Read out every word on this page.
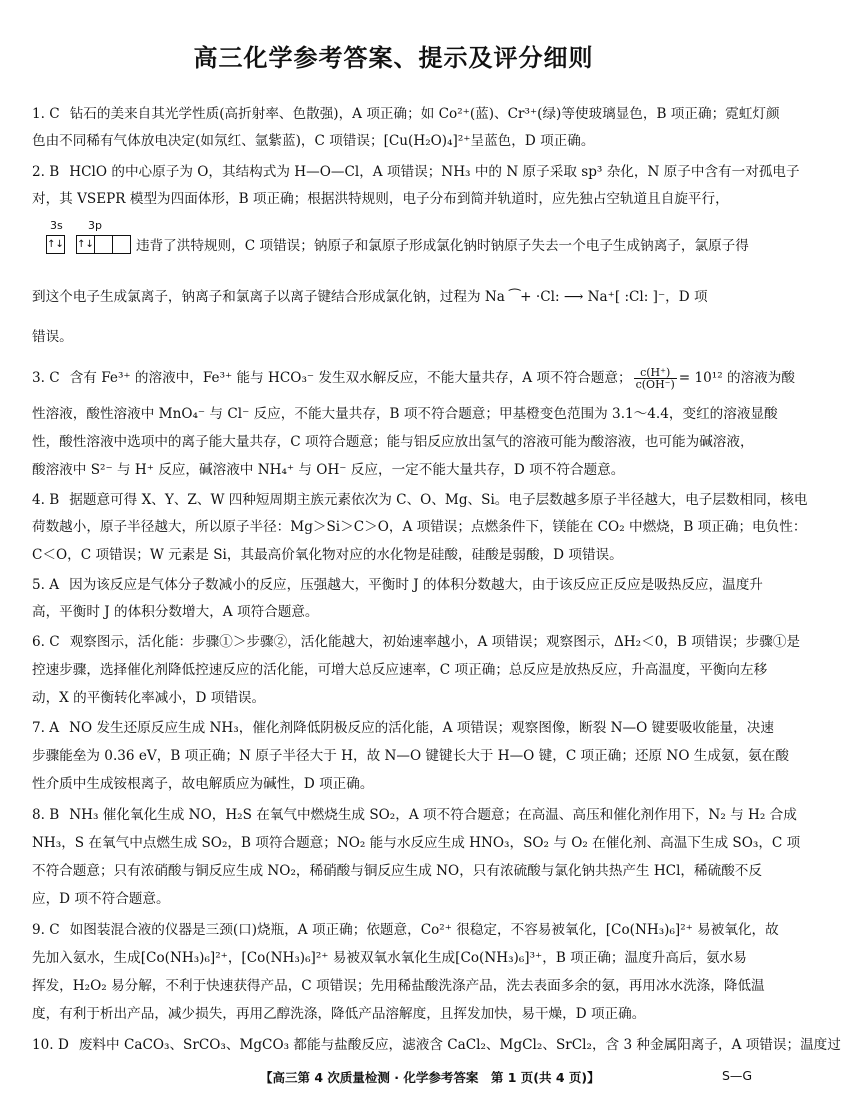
高三化学参考答案、提示及评分细则
1. C 钻石的美来自其光学性质(高折射率、色散强)，A 项正确；如 Co²⁺(蓝)、Cr³⁺(绿)等使玻璃显色，B 项正确；霓虹灯颜
色由不同稀有气体放电决定(如氖红、氩紫蓝)，C 项错误；[Cu(H₂O)₄]²⁺呈蓝色，D 项正确。
2. B HClO 的中心原子为 O，其结构式为 H—O—Cl，A 项错误；NH₃ 中的 N 原子采取 sp³ 杂化，N 原子中含有一对孤电子
对，其 VSEPR 模型为四面体形，B 项正确；根据洪特规则，电子分布到简并轨道时，应先独占空轨道且自旋平行，
3s 3p
↑↓ ↑↓	违背了洪特规则，C 项错误；钠原子和氯原子形成氯化钠时钠原子失去一个电子生成钠离子，氯原子得
到这个电子生成氯离子，钠离子和氯离子以离子键结合形成氯化钠，过程为 Na ⁀+ ·Cl: ⟶ Na⁺[ :Cl: ]⁻，D 项
错误。
3. C 含有 Fe³⁺ 的溶液中，Fe³⁺ 能与 HCO₃⁻ 发生双水解反应，不能大量共存，A 项不符合题意； $\frac{c(H^+)}{c(OH^-)} = 10^{12}$ 的溶液为酸
性溶液，酸性溶液中 MnO₄⁻ 与 Cl⁻ 反应，不能大量共存，B 项不符合题意；甲基橙变色范围为 3.1～4.4，变红的溶液显酸
性，酸性溶液中选项中的离子能大量共存，C 项符合题意；能与铝反应放出氢气的溶液可能为酸溶液，也可能为碱溶液，
酸溶液中 S²⁻ 与 H⁺ 反应，碱溶液中 NH₄⁺ 与 OH⁻ 反应，一定不能大量共存，D 项不符合题意。
4. B 据题意可得 X、Y、Z、W 四种短周期主族元素依次为 C、O、Mg、Si。电子层数越多原子半径越大，电子层数相同，核电
荷数越小，原子半径越大，所以原子半径：Mg＞Si＞C＞O，A 项错误；点燃条件下，镁能在 CO₂ 中燃烧，B 项正确；电负性：
C＜O，C 项错误；W 元素是 Si，其最高价氧化物对应的水化物是硅酸，硅酸是弱酸，D 项错误。
5. A 因为该反应是气体分子数减小的反应，压强越大，平衡时 J 的体积分数越大，由于该反应正反应是吸热反应，温度升
高，平衡时 J 的体积分数增大，A 项符合题意。
6. C 观察图示，活化能：步骤①＞步骤②，活化能越大，初始速率越小，A 项错误；观察图示，ΔH₂＜0，B 项错误；步骤①是
控速步骤，选择催化剂降低控速反应的活化能，可增大总反应速率，C 项正确；总反应是放热反应，升高温度，平衡向左移
动，X 的平衡转化率减小，D 项错误。
7. A NO 发生还原反应生成 NH₃，催化剂降低阴极反应的活化能，A 项错误；观察图像，断裂 N—O 键要吸收能量，决速
步骤能垒为 0.36 eV，B 项正确；N 原子半径大于 H，故 N—O 键键长大于 H—O 键，C 项正确；还原 NO 生成氨，氨在酸
性介质中生成铵根离子，故电解质应为碱性，D 项正确。
8. B NH₃ 催化氧化生成 NO，H₂S 在氧气中燃烧生成 SO₂，A 项不符合题意；在高温、高压和催化剂作用下，N₂ 与 H₂ 合成
NH₃，S 在氧气中点燃生成 SO₂，B 项符合题意；NO₂ 能与水反应生成 HNO₃，SO₂ 与 O₂ 在催化剂、高温下生成 SO₃，C 项
不符合题意；只有浓硝酸与铜反应生成 NO₂，稀硝酸与铜反应生成 NO，只有浓硫酸与氯化钠共热产生 HCl，稀硫酸不反
应，D 项不符合题意。
9. C 如图装混合液的仪器是三颈(口)烧瓶，A 项正确；依题意，Co²⁺ 很稳定，不容易被氧化，[Co(NH₃)₆]²⁺ 易被氧化，故
先加入氨水，生成[Co(NH₃)₆]²⁺，[Co(NH₃)₆]²⁺ 易被双氧水氧化生成[Co(NH₃)₆]³⁺，B 项正确；温度升高后，氨水易
挥发，H₂O₂ 易分解，不利于快速获得产品，C 项错误；先用稀盐酸洗涤产品，洗去表面多余的氨，再用冰水洗涤，降低温
度，有利于析出产品，减少损失，再用乙醇洗涤，降低产品溶解度，且挥发加快，易干燥，D 项正确。
10. D 废料中 CaCO₃、SrCO₃、MgCO₃ 都能与盐酸反应，滤液含 CaCl₂、MgCl₂、SrCl₂，含 3 种金属阳离子，A 项错误；温度过
【高三第 4 次质量检测 · 化学参考答案　第 1 页(共 4 页)】	S—G
